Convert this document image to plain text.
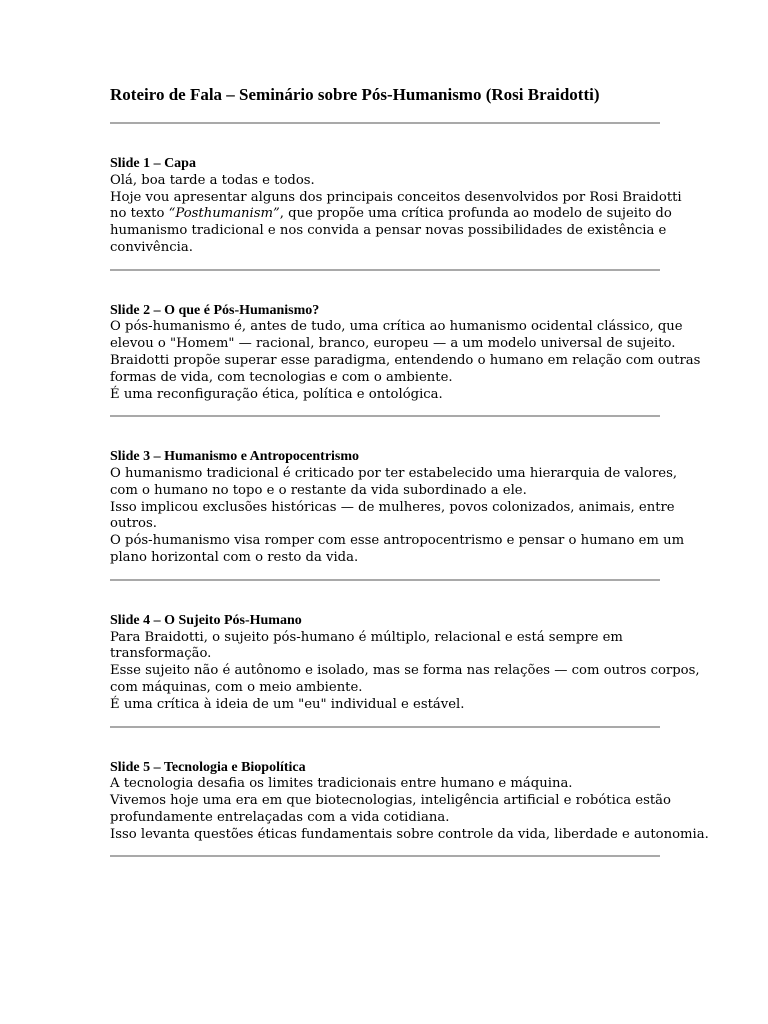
Roteiro de Fala – Seminário sobre Pós-Humanismo (Rosi Braidotti)

Slide 1 – Capa

Olá, boa tarde a todas e todos.

Hoje vou apresentar alguns dos principais conceitos desenvolvidos por Rosi Braidotti

no texto “Posthumanism”, que propõe uma crítica profunda ao modelo de sujeito do

humanismo tradicional e nos convida a pensar novas possibilidades de existência e

convivência.

Slide 2 – O que é Pós-Humanismo?

O pós-humanismo é, antes de tudo, uma crítica ao humanismo ocidental clássico, que

elevou o "Homem" — racional, branco, europeu — a um modelo universal de sujeito.

Braidotti propõe superar esse paradigma, entendendo o humano em relação com outras

formas de vida, com tecnologias e com o ambiente.

É uma reconfiguração ética, política e ontológica.

Slide 3 – Humanismo e Antropocentrismo

O humanismo tradicional é criticado por ter estabelecido uma hierarquia de valores,

com o humano no topo e o restante da vida subordinado a ele.

Isso implicou exclusões históricas — de mulheres, povos colonizados, animais, entre

outros.

O pós-humanismo visa romper com esse antropocentrismo e pensar o humano em um

plano horizontal com o resto da vida.

Slide 4 – O Sujeito Pós-Humano

Para Braidotti, o sujeito pós-humano é múltiplo, relacional e está sempre em

transformação.

Esse sujeito não é autônomo e isolado, mas se forma nas relações — com outros corpos,

com máquinas, com o meio ambiente.

É uma crítica à ideia de um "eu" individual e estável.

Slide 5 – Tecnologia e Biopolítica

A tecnologia desafia os limites tradicionais entre humano e máquina.

Vivemos hoje uma era em que biotecnologias, inteligência artificial e robótica estão

profundamente entrelaçadas com a vida cotidiana.

Isso levanta questões éticas fundamentais sobre controle da vida, liberdade e autonomia.
